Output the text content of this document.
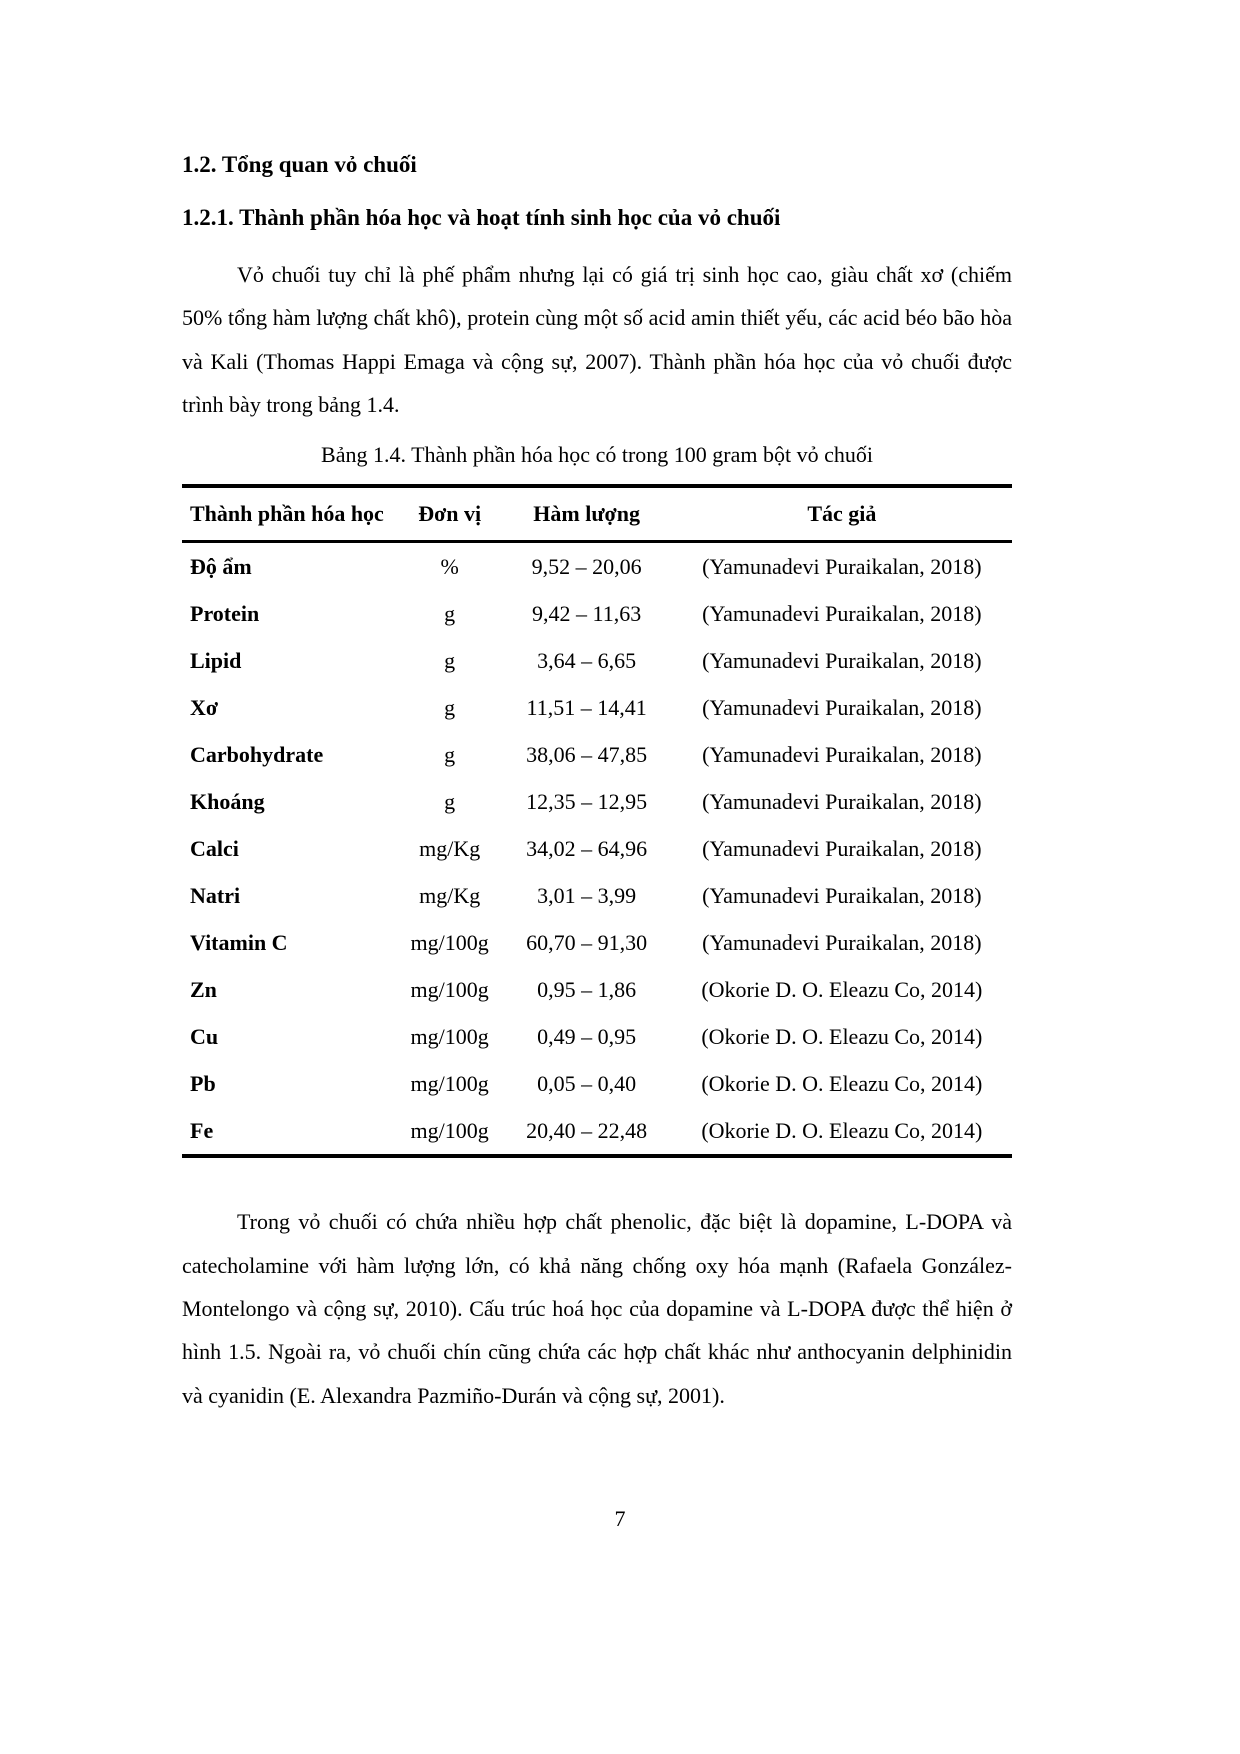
1.2. Tổng quan vỏ chuối
1.2.1. Thành phần hóa học và hoạt tính sinh học của vỏ chuối

Vỏ chuối tuy chỉ là phế phẩm nhưng lại có giá trị sinh học cao, giàu chất xơ (chiếm 50% tổng hàm lượng chất khô), protein cùng một số acid amin thiết yếu, các acid béo bão hòa và Kali (Thomas Happi Emaga và cộng sự, 2007). Thành phần hóa học của vỏ chuối được trình bày trong bảng 1.4.

Bảng 1.4. Thành phần hóa học có trong 100 gram bột vỏ chuối

Thành phần hóa học	Đơn vị	Hàm lượng	Tác giả
Độ ẩm	%	9,52 – 20,06	(Yamunadevi Puraikalan, 2018)
Protein	g	9,42 – 11,63	(Yamunadevi Puraikalan, 2018)
Lipid	g	3,64 – 6,65	(Yamunadevi Puraikalan, 2018)
Xơ	g	11,51 – 14,41	(Yamunadevi Puraikalan, 2018)
Carbohydrate	g	38,06 – 47,85	(Yamunadevi Puraikalan, 2018)
Khoáng	g	12,35 – 12,95	(Yamunadevi Puraikalan, 2018)
Calci	mg/Kg	34,02 – 64,96	(Yamunadevi Puraikalan, 2018)
Natri	mg/Kg	3,01 – 3,99	(Yamunadevi Puraikalan, 2018)
Vitamin C	mg/100g	60,70 – 91,30	(Yamunadevi Puraikalan, 2018)
Zn	mg/100g	0,95 – 1,86	(Okorie D. O. Eleazu Co, 2014)
Cu	mg/100g	0,49 – 0,95	(Okorie D. O. Eleazu Co, 2014)
Pb	mg/100g	0,05 – 0,40	(Okorie D. O. Eleazu Co, 2014)
Fe	mg/100g	20,40 – 22,48	(Okorie D. O. Eleazu Co, 2014)

Trong vỏ chuối có chứa nhiều hợp chất phenolic, đặc biệt là dopamine, L-DOPA và catecholamine với hàm lượng lớn, có khả năng chống oxy hóa mạnh (Rafaela González-Montelongo và cộng sự, 2010). Cấu trúc hoá học của dopamine và L-DOPA được thể hiện ở hình 1.5. Ngoài ra, vỏ chuối chín cũng chứa các hợp chất khác như anthocyanin delphinidin và cyanidin (E. Alexandra Pazmiño-Durán và cộng sự, 2001).

7
